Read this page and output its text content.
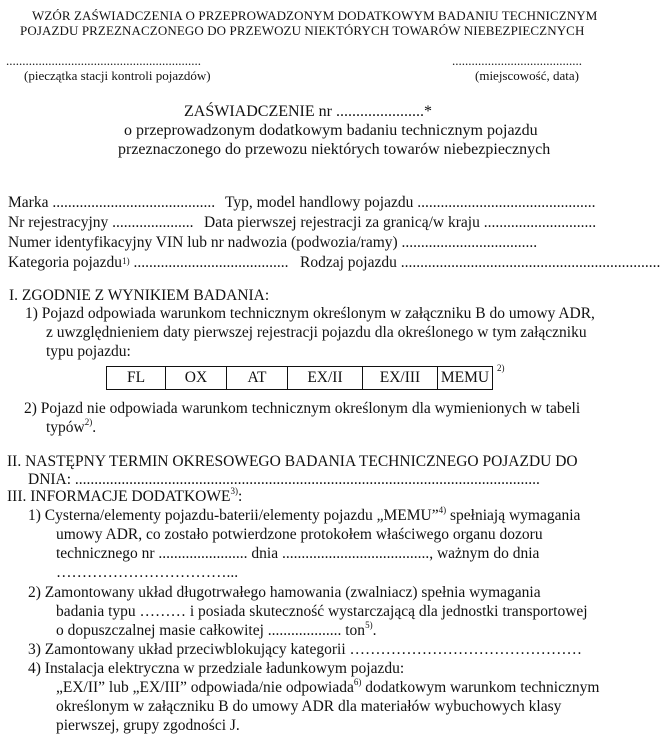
WZÓR ZAŚWIADCZENIA O PRZEPROWADZONYM DODATKOWYM BADANIU TECHNICZNYM
POJAZDU PRZEZNACZONEGO DO PRZEWOZU NIEKTÓRYCH TOWARÓW NIEBEZPIECZNYCH
............................................................
(pieczątka stacji kontroli pojazdów)
........................................
(miejscowość, data)
ZAŚWIADCZENIE nr ......................*
o przeprowadzonym dodatkowym badaniu technicznym pojazdu
przeznaczonego do przewozu niektórych towarów niebezpiecznych
Marka .......................................... Typ, model handlowy pojazdu ..............................................
Nr rejestracyjny ..................... Data pierwszej rejestracji za granicą/w kraju .............................
Numer identyfikacyjny VIN lub nr nadwozia (podwozia/ramy) ...................................
Kategoria pojazdu$^{1)}$ ........................................ Rodzaj pojazdu ...................................................................
I. ZGODNIE Z WYNIKIEM BADANIA:
1) Pojazd odpowiada warunkom technicznym określonym w załączniku B do umowy ADR,
z uwzględnieniem daty pierwszej rejestracji pojazdu dla określonego w tym załączniku
typu pojazdu:
FL	OX	AT	EX/II	EX/III	MEMU	$^{2)}$
2) Pojazd nie odpowiada warunkom technicznym określonym dla wymienionych w tabeli
typów$^{2)}$.
II. NASTĘPNY TERMIN OKRESOWEGO BADANIA TECHNICZNEGO POJAZDU DO
DNIA: ........................................................................................................................
III. INFORMACJE DODATKOWE$^{3)}$:
1) Cysterna/elementy pojazdu-baterii/elementy pojazdu „MEMU”$^{4)}$ spełniają wymagania
umowy ADR, co zostało potwierdzone protokołem właściwego organu dozoru
technicznego nr ....................... dnia ......................................, ważnym do dnia
……………………………...
2) Zamontowany układ długotrwałego hamowania (zwalniacz) spełnia wymagania
badania typu ……… i posiada skuteczność wystarczającą dla jednostki transportowej
o dopuszczalnej masie całkowitej ................... ton$^{5)}$.
3) Zamontowany układ przeciwblokujący kategorii ………………………………………
4) Instalacja elektryczna w przedziale ładunkowym pojazdu:
„EX/II” lub „EX/III” odpowiada/nie odpowiada$^{6)}$ dodatkowym warunkom technicznym
określonym w załączniku B do umowy ADR dla materiałów wybuchowych klasy
pierwszej, grupy zgodności J.
